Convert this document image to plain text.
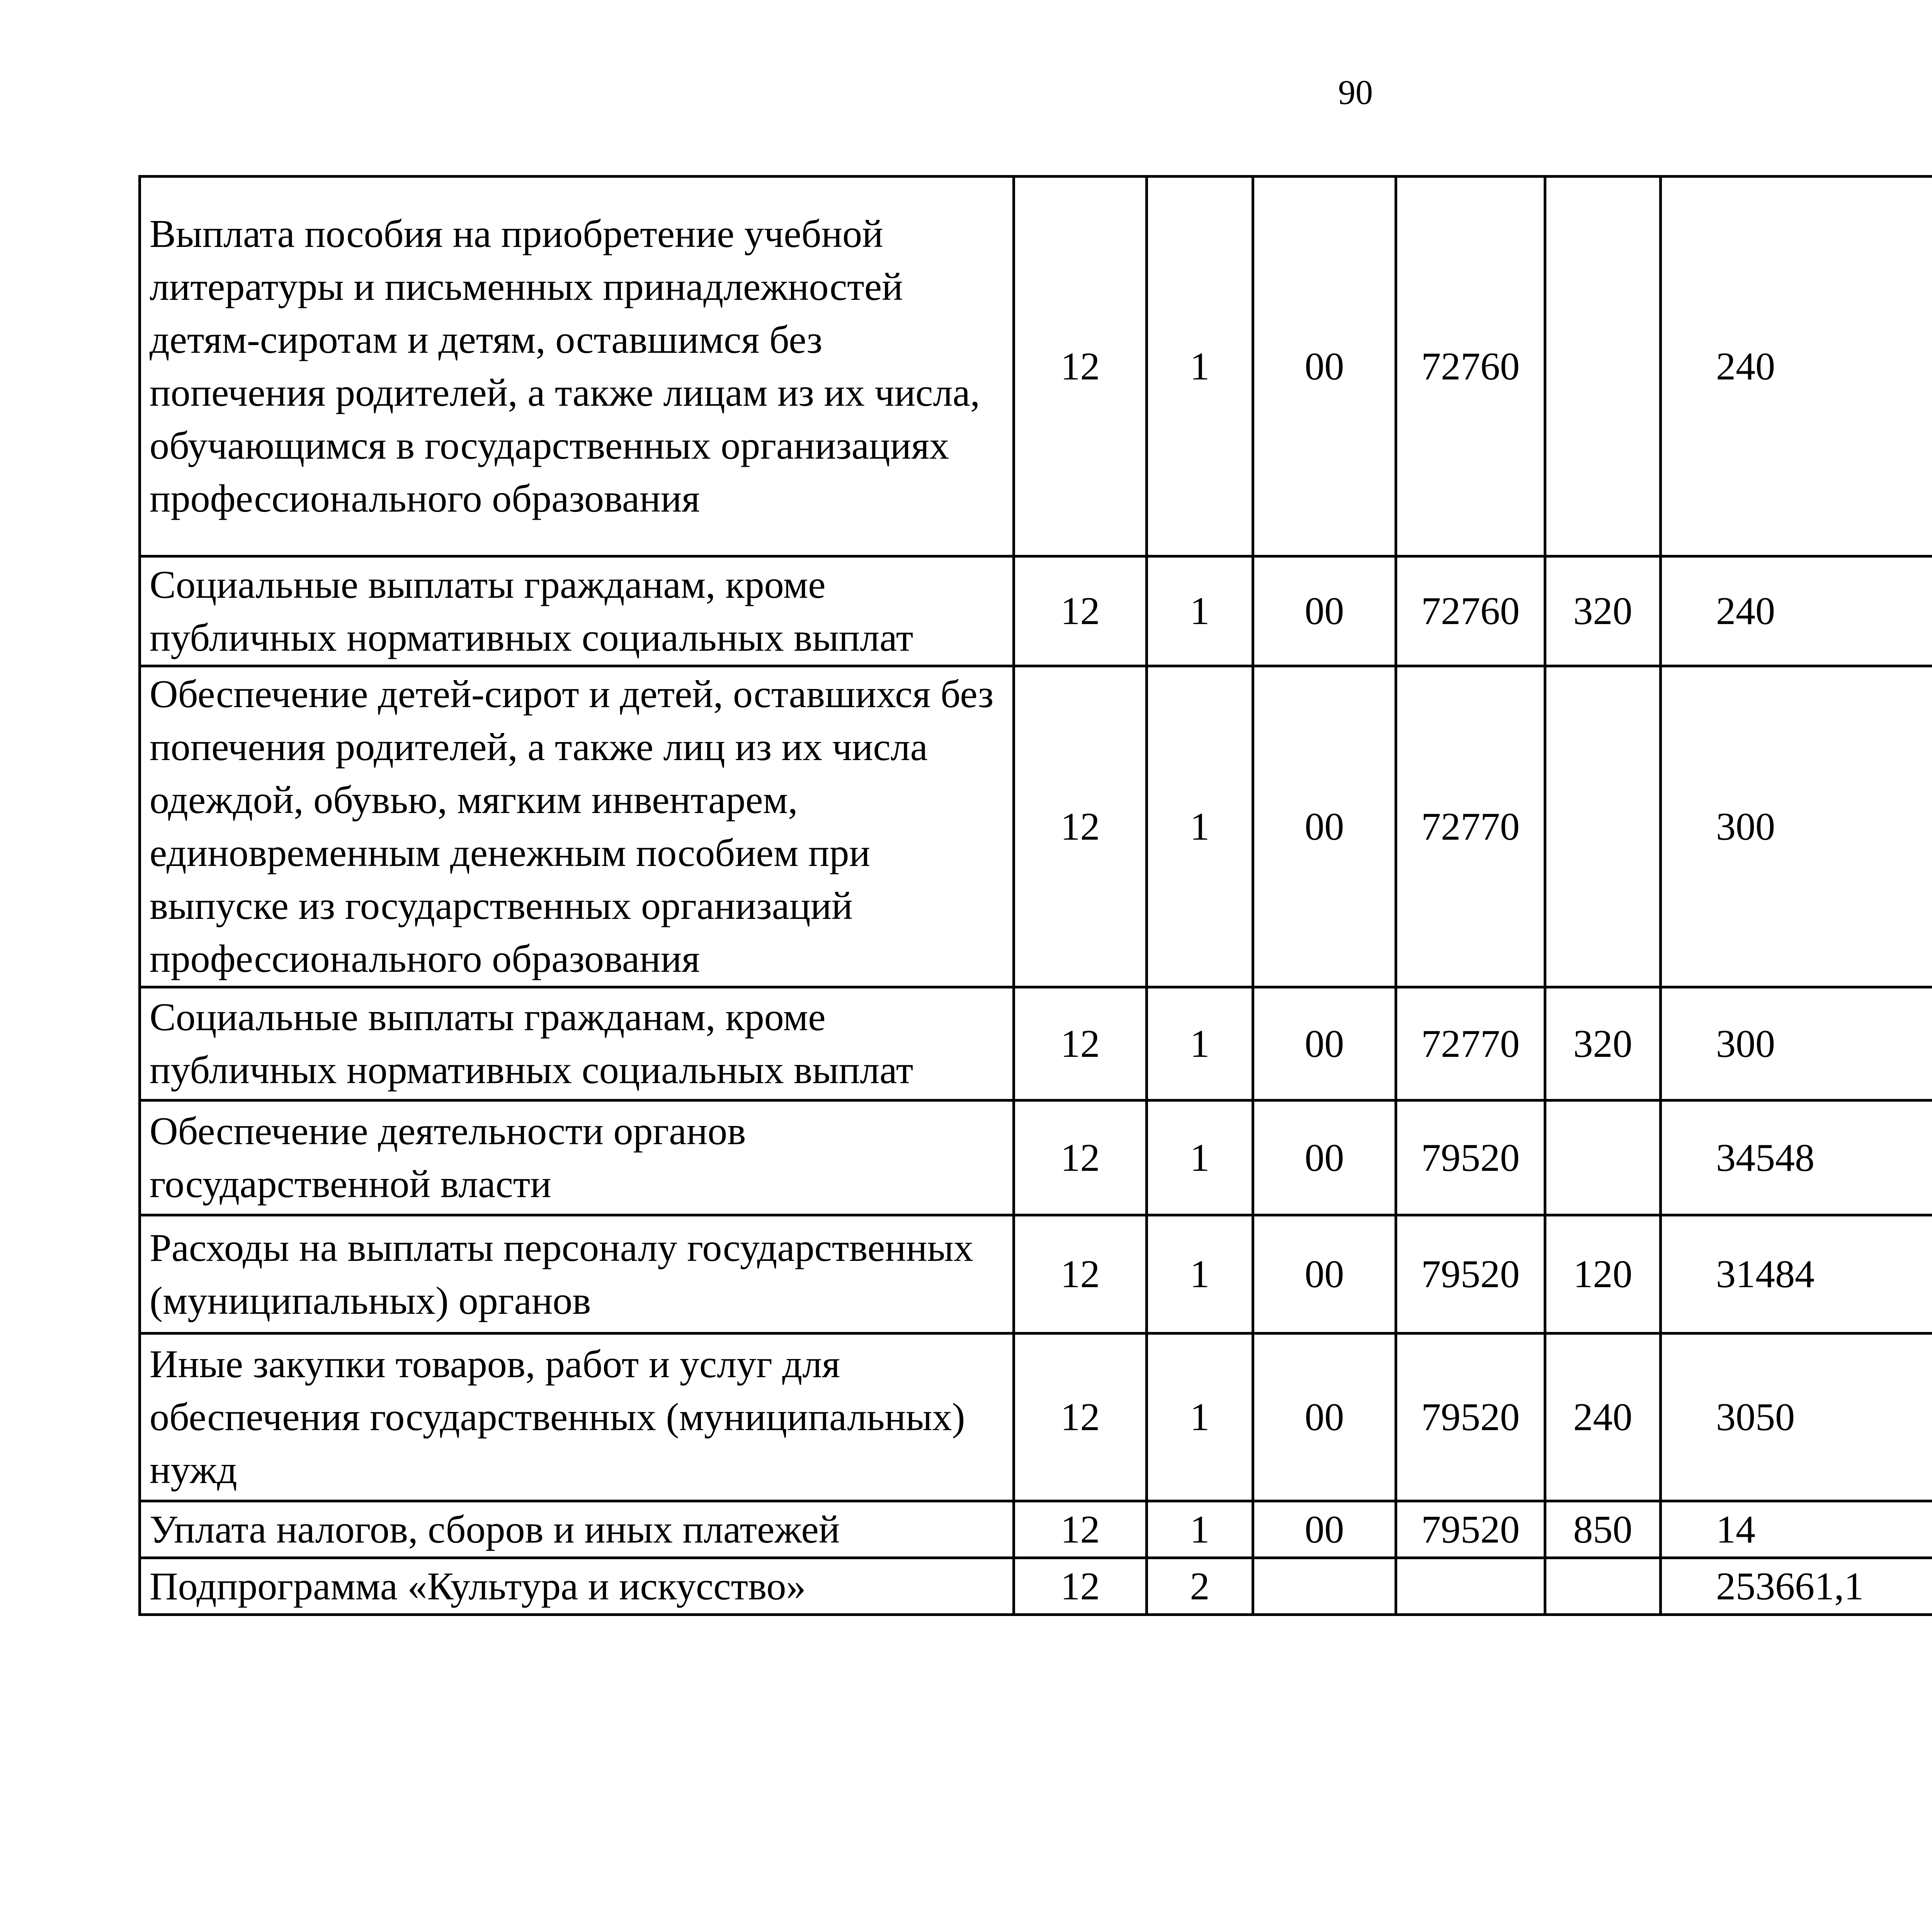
90
Выплата пособия на приобретение учебной литературы и письменных принадлежностей детям-сиротам и детям, оставшимся без попечения родителей, а также лицам из их числа, обучающимся в государственных организациях профессионального образования	12	1	00	72760		240		
Социальные выплаты гражданам, кроме публичных нормативных социальных выплат	12	1	00	72760	320	240		
Обеспечение детей-сирот и детей, оставшихся без попечения родителей, а также лиц из их числа одеждой, обувью, мягким инвентарем, единовременным денежным пособием при выпуске из государственных организаций профессионального образования	12	1	00	72770		300		
Социальные выплаты гражданам, кроме публичных нормативных социальных выплат	12	1	00	72770	320	300		
Обеспечение деятельности органов государственной власти	12	1	00	79520		34548		
Расходы на выплаты персоналу государственных (муниципальных) органов	12	1	00	79520	120	31484		
Иные закупки товаров, работ и услуг для обеспечения государственных (муниципальных) нужд	12	1	00	79520	240	3050		
Уплата налогов, сборов и иных платежей	12	1	00	79520	850	14		
Подпрограмма «Культура и искусство»	12	2				253661,1		
